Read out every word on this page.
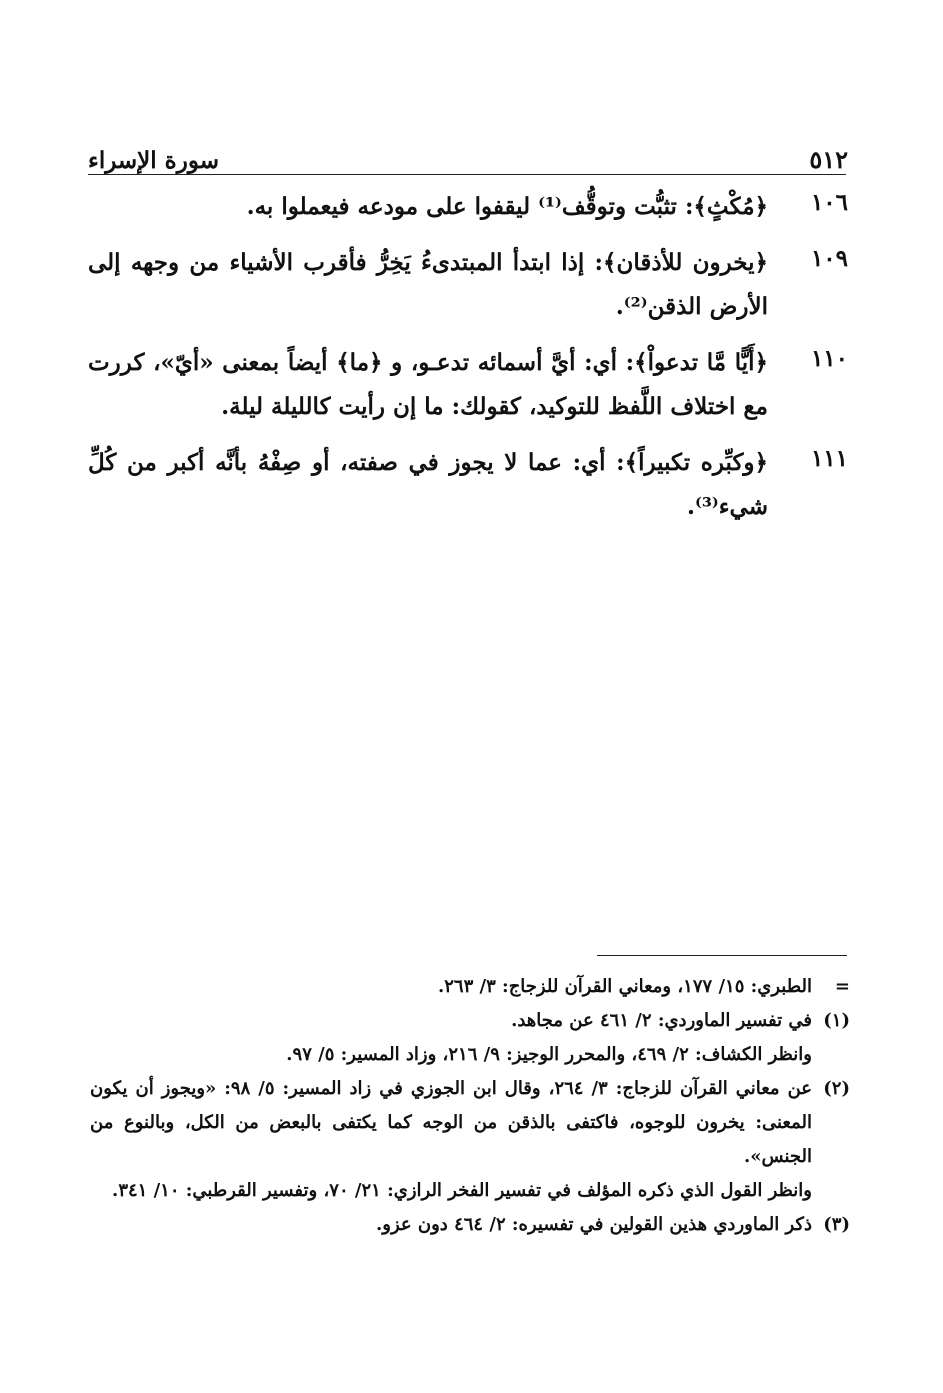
٥١٢
سورة الإسراء
١٠٦
﴿مُكْثٍ﴾: تثبُّت وتوقُّف⁽¹⁾ ليقفوا على مودعه فيعملوا به.
١٠٩
﴿يخرون للأذقان﴾: إذا ابتدأ المبتدىءُ يَخِرُّ فأقرب الأشياء من وجهه إلى الأرض الذقن⁽²⁾.
١١٠
﴿أَيًّا مَّا تدعواْ﴾: أي: أيَّ أسمائه تدعـو، و ﴿ما﴾ أيضاً بمعنى «أيّ»، كررت مع اختلاف اللَّفظ للتوكيد، كقولك: ما إن رأيت كالليلة ليلة.
١١١
﴿وكبِّره تكبيراً﴾: أي: عما لا يجوز في صفته، أو صِفْهُ بأنَّه أكبر من كُلِّ شيء⁽³⁾.
=
الطبري: ١٥/ ١٧٧، ومعاني القرآن للزجاج: ٣/ ٢٦٣.
(١)
في تفسير الماوردي: ٢/ ٤٦١ عن مجاهد.
وانظر الكشاف: ٢/ ٤٦٩، والمحرر الوجيز: ٩/ ٢١٦، وزاد المسير: ٥/ ٩٧.
(٢)
عن معاني القرآن للزجاج: ٣/ ٢٦٤، وقال ابن الجوزي في زاد المسير: ٥/ ٩٨: «ويجوز أن يكون المعنى: يخرون للوجوه، فاكتفى بالذقن من الوجه كما يكتفى بالبعض من الكل، وبالنوع من الجنس».
وانظر القول الذي ذكره المؤلف في تفسير الفخر الرازي: ٢١/ ٧٠، وتفسير القرطبي: ١٠/ ٣٤١.
(٣)
ذكر الماوردي هذين القولين في تفسيره: ٢/ ٤٦٤ دون عزو.
